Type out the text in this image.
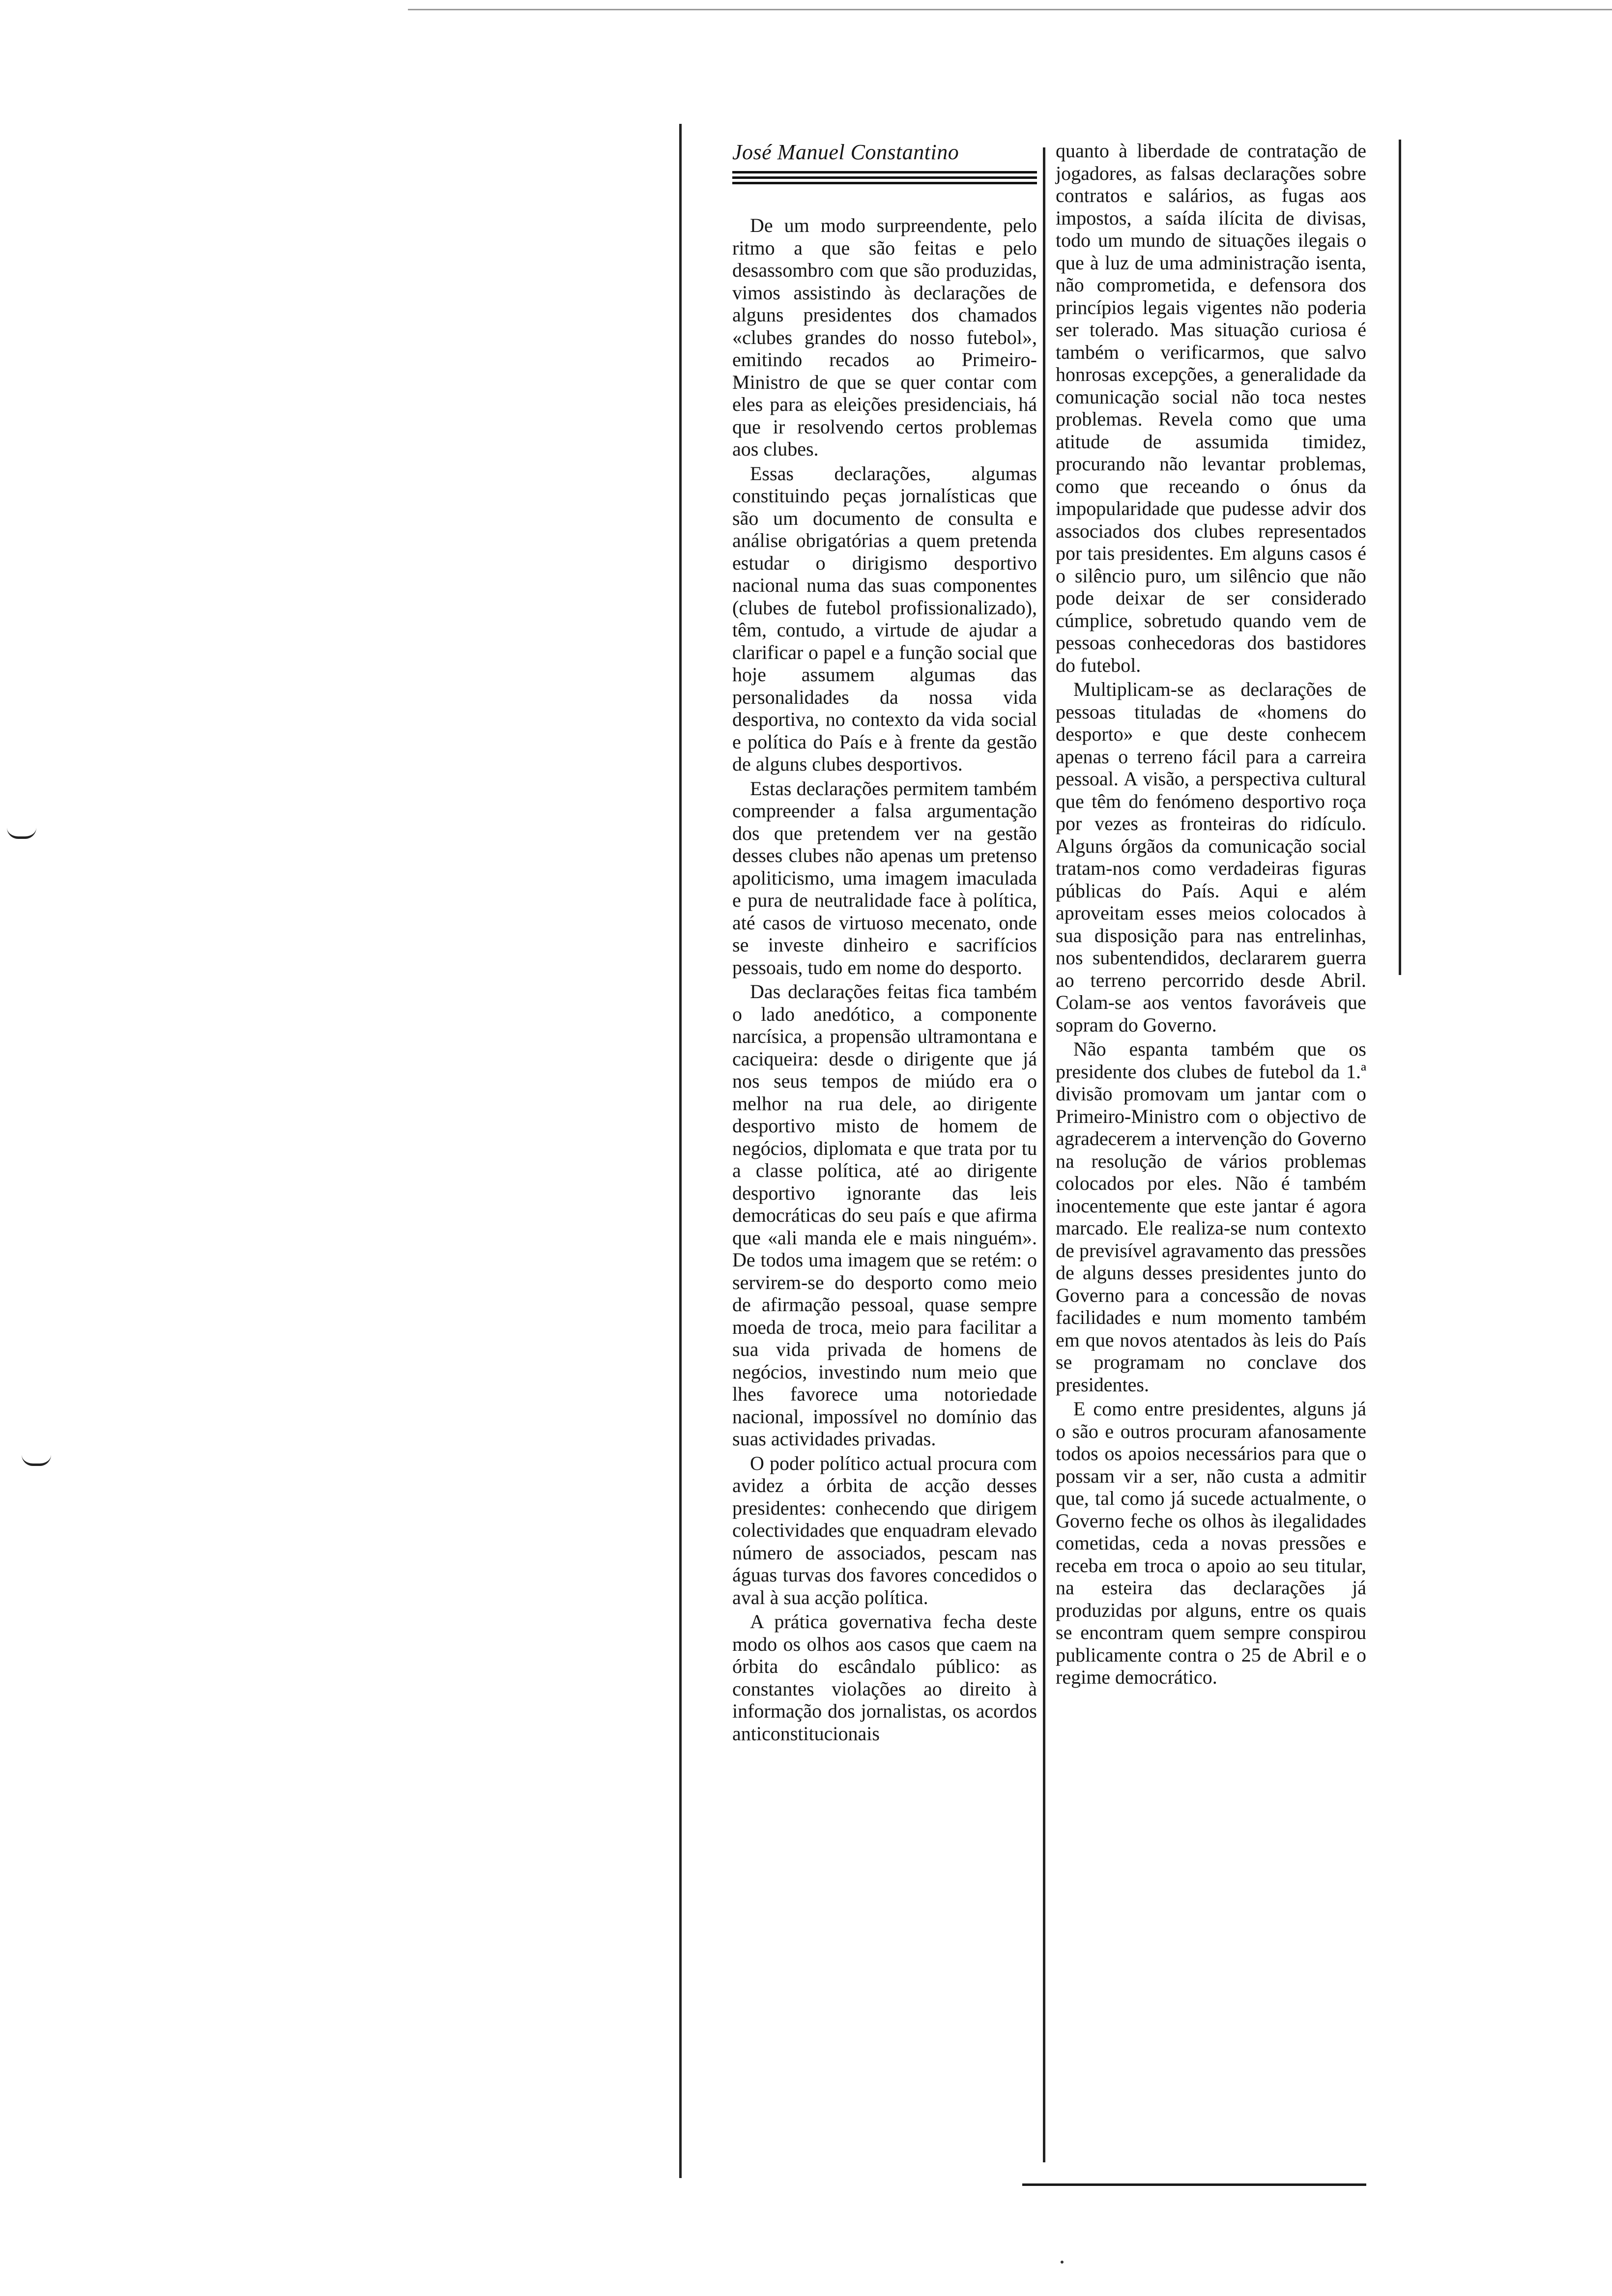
José Manuel Constantino

De um modo surpreendente, pelo ritmo a que são feitas e pelo desassombro com que são produzidas, vimos assistindo às declarações de alguns presidentes dos chamados «clubes grandes do nosso futebol», emitindo recados ao Primeiro-Ministro de que se quer contar com eles para as eleições presidenciais, há que ir resolvendo certos problemas aos clubes.

Essas declarações, algumas constituindo peças jornalísticas que são um documento de consulta e análise obrigatórias a quem pretenda estudar o dirigismo desportivo nacional numa das suas componentes (clubes de futebol profissionalizado), têm, contudo, a virtude de ajudar a clarificar o papel e a função social que hoje assumem algumas das personalidades da nossa vida desportiva, no contexto da vida social e política do País e à frente da gestão de alguns clubes desportivos.

Estas declarações permitem também compreender a falsa argumentação dos que pretendem ver na gestão desses clubes não apenas um pretenso apoliticismo, uma imagem imaculada e pura de neutralidade face à política, até casos de virtuoso mecenato, onde se investe dinheiro e sacrifícios pessoais, tudo em nome do desporto.

Das declarações feitas fica também o lado anedótico, a componente narcísica, a propensão ultramontana e caciqueira: desde o dirigente que já nos seus tempos de miúdo era o melhor na rua dele, ao dirigente desportivo misto de homem de negócios, diplomata e que trata por tu a classe política, até ao dirigente desportivo ignorante das leis democráticas do seu país e que afirma que «ali manda ele e mais ninguém». De todos uma imagem que se retém: o servirem-se do desporto como meio de afirmação pessoal, quase sempre moeda de troca, meio para facilitar a sua vida privada de homens de negócios, investindo num meio que lhes favorece uma notoriedade nacional, impossível no domínio das suas actividades privadas.

O poder político actual procura com avidez a órbita de acção desses presidentes: conhecendo que dirigem colectividades que enquadram elevado número de associados, pescam nas águas turvas dos favores concedidos o aval à sua acção política.

A prática governativa fecha deste modo os olhos aos casos que caem na órbita do escândalo público: as constantes violações ao direito à informação dos jornalistas, os acordos anticonstitucionais

quanto à liberdade de contratação de jogadores, as falsas declarações sobre contratos e salários, as fugas aos impostos, a saída ilícita de divisas, todo um mundo de situações ilegais o que à luz de uma administração isenta, não comprometida, e defensora dos princípios legais vigentes não poderia ser tolerado. Mas situação curiosa é também o verificarmos, que salvo honrosas excepções, a generalidade da comunicação social não toca nestes problemas. Revela como que uma atitude de assumida timidez, procurando não levantar problemas, como que receando o ónus da impopularidade que pudesse advir dos associados dos clubes representados por tais presidentes. Em alguns casos é o silêncio puro, um silêncio que não pode deixar de ser considerado cúmplice, sobretudo quando vem de pessoas conhecedoras dos bastidores do futebol.

Multiplicam-se as declarações de pessoas tituladas de «homens do desporto» e que deste conhecem apenas o terreno fácil para a carreira pessoal. A visão, a perspectiva cultural que têm do fenómeno desportivo roça por vezes as fronteiras do ridículo. Alguns órgãos da comunicação social tratam-nos como verdadeiras figuras públicas do País. Aqui e além aproveitam esses meios colocados à sua disposição para nas entrelinhas, nos subentendidos, declararem guerra ao terreno percorrido desde Abril. Colam-se aos ventos favoráveis que sopram do Governo.

Não espanta também que os presidente dos clubes de futebol da 1.ª divisão promovam um jantar com o Primeiro-Ministro com o objectivo de agradecerem a intervenção do Governo na resolução de vários problemas colocados por eles. Não é também inocentemente que este jantar é agora marcado. Ele realiza-se num contexto de previsível agravamento das pressões de alguns desses presidentes junto do Governo para a concessão de novas facilidades e num momento também em que novos atentados às leis do País se programam no conclave dos presidentes.

E como entre presidentes, alguns já o são e outros procuram afanosamente todos os apoios necessários para que o possam vir a ser, não custa a admitir que, tal como já sucede actualmente, o Governo feche os olhos às ilegalidades cometidas, ceda a novas pressões e receba em troca o apoio ao seu titular, na esteira das declarações já produzidas por alguns, entre os quais se encontram quem sempre conspirou publicamente contra o 25 de Abril e o regime democrático.
